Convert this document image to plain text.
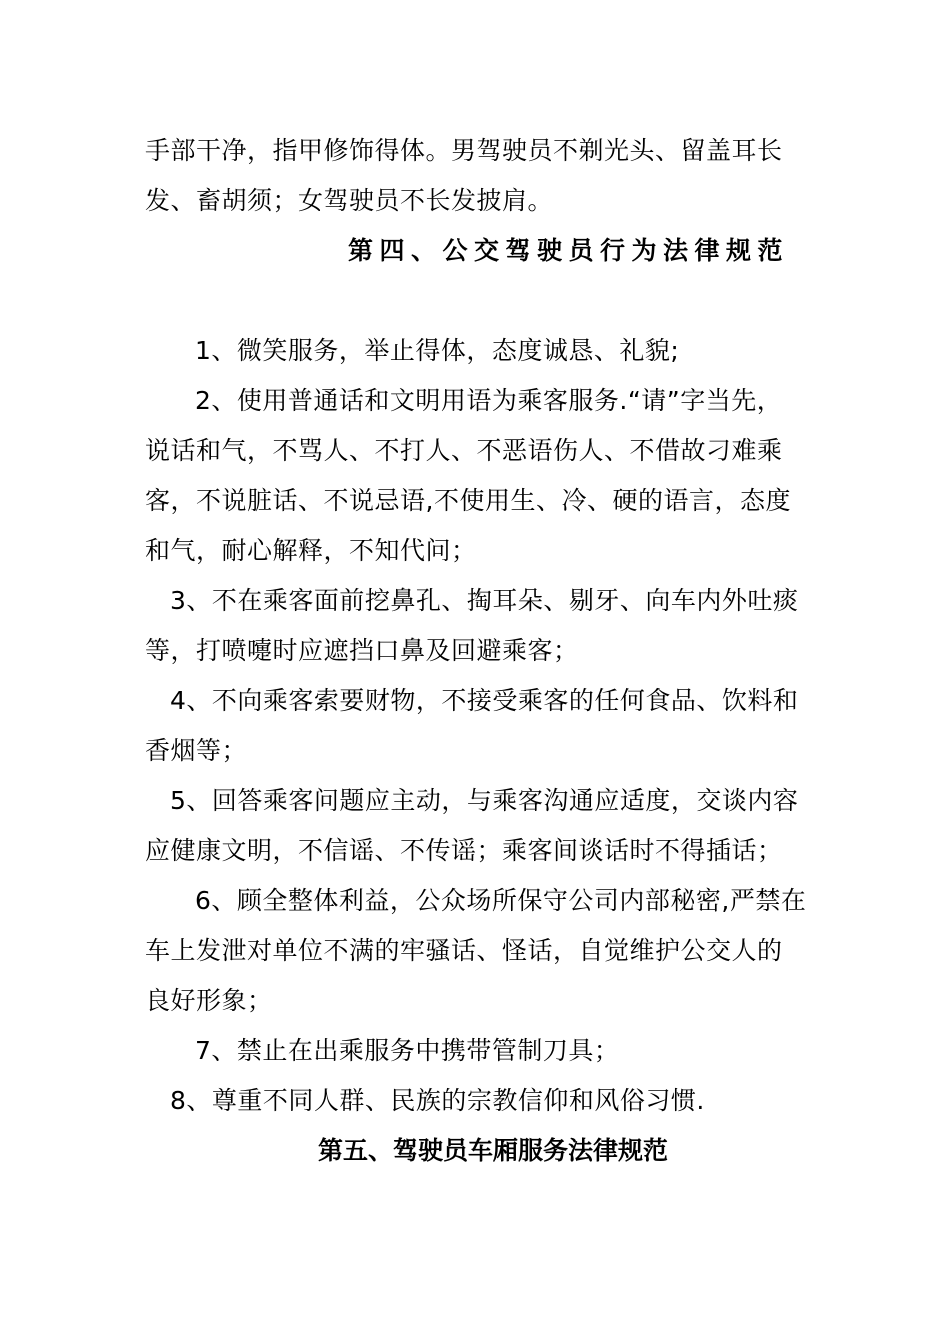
手部干净，指甲修饰得体。男驾驶员不剃光头、留盖耳长
发、畜胡须；女驾驶员不长发披肩。
第四、公交驾驶员行为法律规范
1、微笑服务，举止得体，态度诚恳、礼貌;
2、使用普通话和文明用语为乘客服务.“请”字当先，
说话和气，不骂人、不打人、不恶语伤人、不借故刁难乘
客，不说脏话、不说忌语,不使用生、冷、硬的语言，态度
和气，耐心解释，不知代问；
3、不在乘客面前挖鼻孔、掏耳朵、剔牙、向车内外吐痰
等，打喷嚏时应遮挡口鼻及回避乘客；
4、不向乘客索要财物，不接受乘客的任何食品、饮料和
香烟等；
5、回答乘客问题应主动，与乘客沟通应适度，交谈内容
应健康文明，不信谣、不传谣；乘客间谈话时不得插话；
6、顾全整体利益，公众场所保守公司内部秘密,严禁在
车上发泄对单位不满的牢骚话、怪话，自觉维护公交人的
良好形象；
7、禁止在出乘服务中携带管制刀具；
8、尊重不同人群、民族的宗教信仰和风俗习惯.
第五、驾驶员车厢服务法律规范
